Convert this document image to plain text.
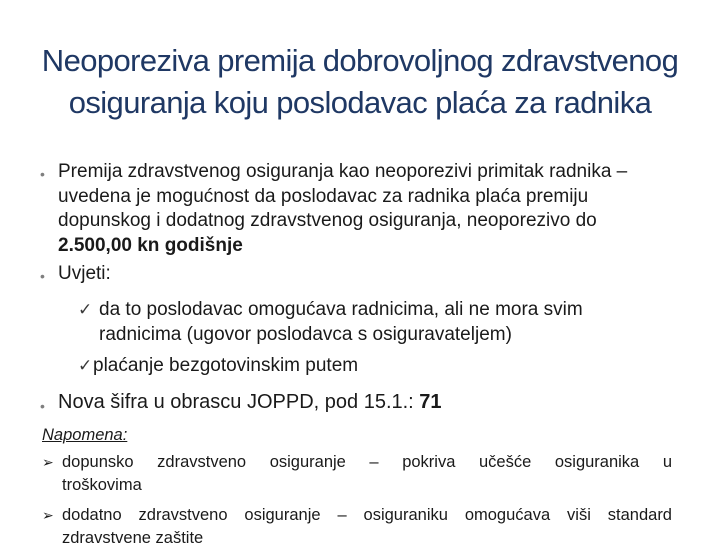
Neoporeziva premija dobrovoljnog zdravstvenog
osiguranja koju poslodavac plaća za radnika
• Premija zdravstvenog osiguranja kao neoporezivi primitak radnika –
uvedena je mogućnost da poslodavac za radnika plaća premiju
dopunskog i dodatnog zdravstvenog osiguranja, neoporezivo do
2.500,00 kn godišnje
• Uvjeti:
✓ da to poslodavac omogućava radnicima, ali ne mora svim
radnicima (ugovor poslodavca s osiguravateljem)
✓ plaćanje bezgotovinskim putem
• Nova šifra u obrascu JOPPD, pod 15.1.: 71
Napomena:
➢ dopunsko zdravstveno osiguranje – pokriva učešće osiguranika u
troškovima
➢ dodatno zdravstveno osiguranje – osiguraniku omogućava viši standard
zdravstvene zaštite
